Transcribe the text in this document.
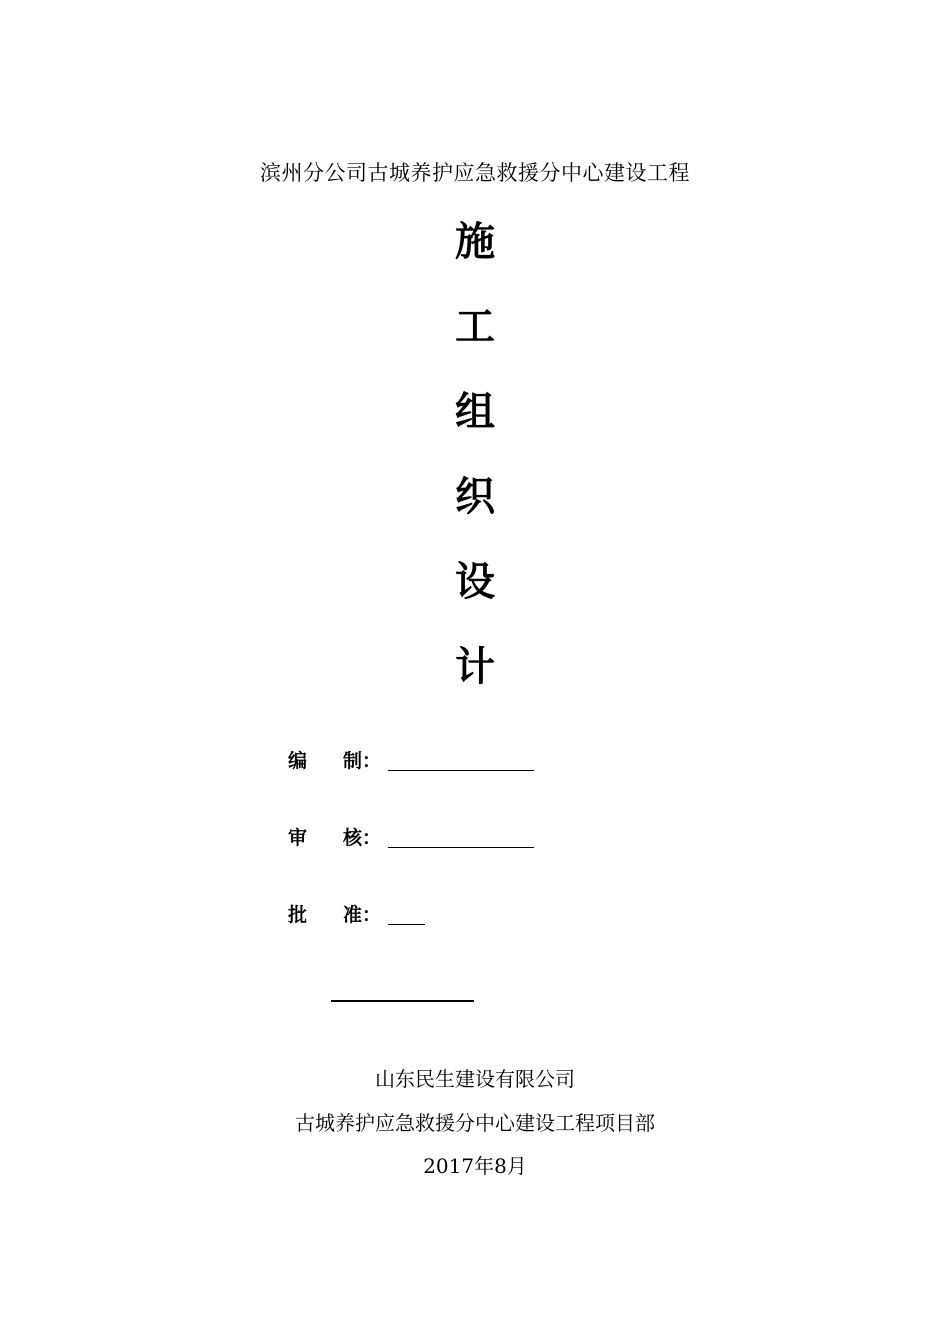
滨州分公司古城养护应急救援分中心建设工程
施
工
组
织
设
计
编制：
审核：
批准：
山东民生建设有限公司
古城养护应急救援分中心建设工程项目部
2017年8月
